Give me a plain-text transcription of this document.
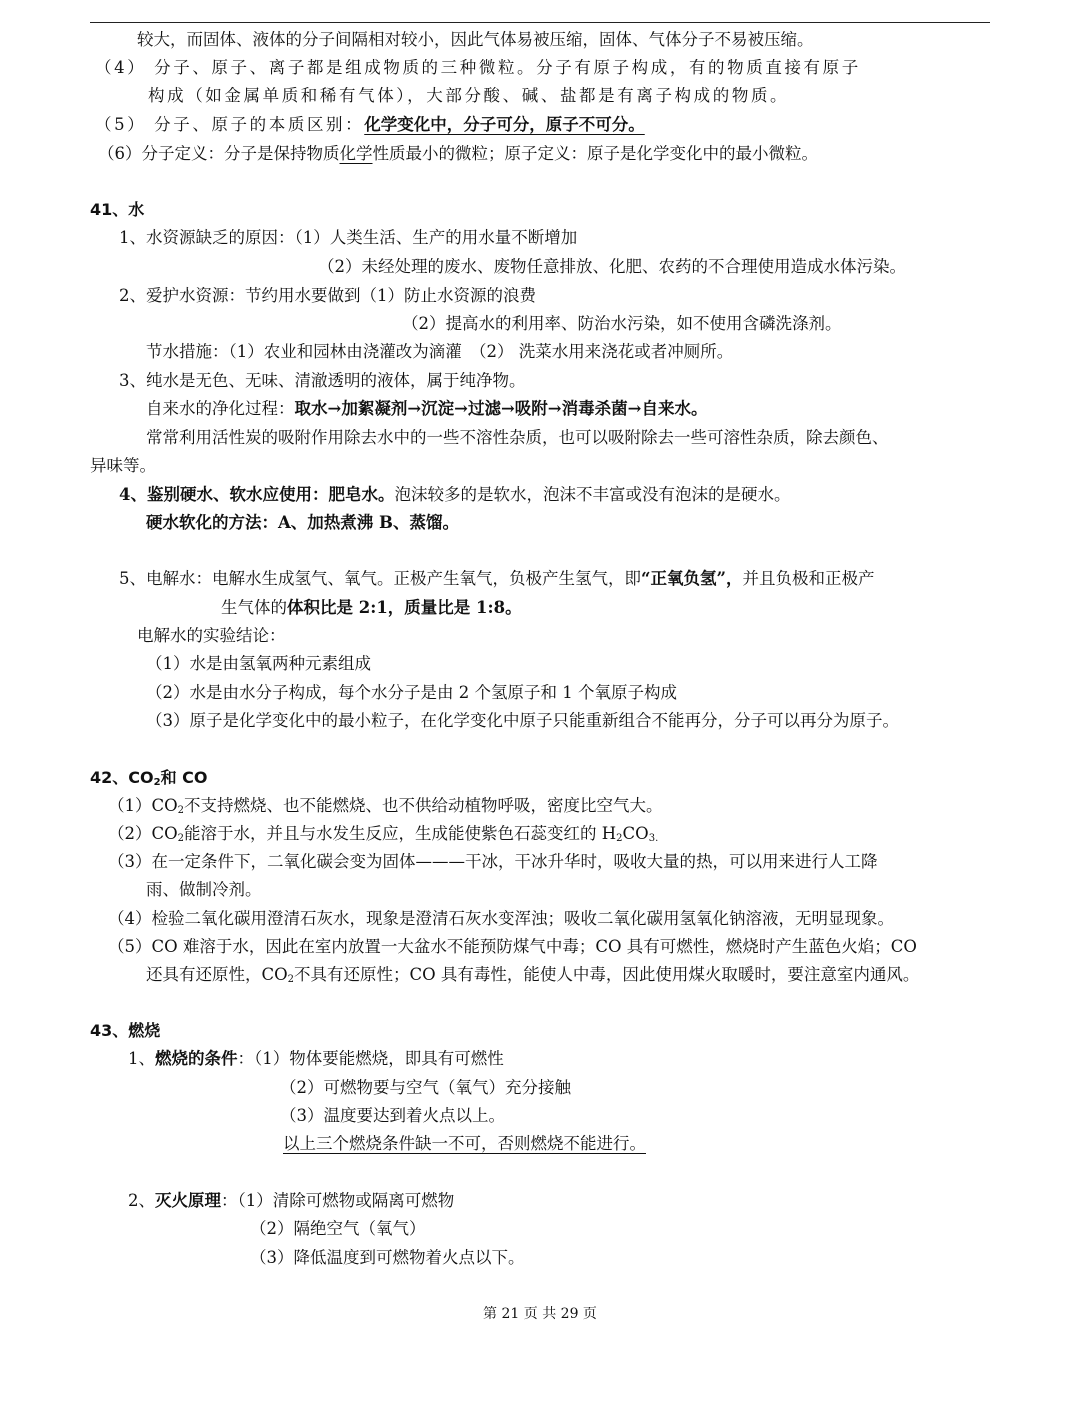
较大，而固体、液体的分子间隔相对较小，因此气体易被压缩，固体、气体分子不易被压缩。
（4） 分子、原子、离子都是组成物质的三种微粒。分子有原子构成，有的物质直接有原子
构成（如金属单质和稀有气体），大部分酸、碱、盐都是有离子构成的物质。
（5） 分子、原子的本质区别：化学变化中，分子可分，原子不可分。
（6）分子定义：分子是保持物质化学性质最小的微粒；原子定义：原子是化学变化中的最小微粒。
41、水
1、水资源缺乏的原因：（1）人类生活、生产的用水量不断增加
（2）未经处理的废水、废物任意排放、化肥、农药的不合理使用造成水体污染。
2、爱护水资源：节约用水要做到（1）防止水资源的浪费
（2）提高水的利用率、防治水污染，如不使用含磷洗涤剂。
节水措施：（1）农业和园林由浇灌改为滴灌　（2） 洗菜水用来浇花或者冲厕所。
3、纯水是无色、无味、清澈透明的液体，属于纯净物。
自来水的净化过程：取水→加絮凝剂→沉淀→过滤→吸附→消毒杀菌→自来水。
常常利用活性炭的吸附作用除去水中的一些不溶性杂质，也可以吸附除去一些可溶性杂质，除去颜色、
异味等。
4、鉴别硬水、软水应使用：肥皂水。泡沫较多的是软水，泡沫不丰富或没有泡沫的是硬水。
硬水软化的方法：A、加热煮沸 B、蒸馏。
5、电解水：电解水生成氢气、氧气。正极产生氧气，负极产生氢气，即“正氧负氢”，并且负极和正极产
生气体的体积比是 2:1，质量比是 1:8。
电解水的实验结论：
（1）水是由氢氧两种元素组成
（2）水是由水分子构成，每个水分子是由 2 个氢原子和 1 个氧原子构成
（3）原子是化学变化中的最小粒子，在化学变化中原子只能重新组合不能再分，分子可以再分为原子。
42、$CO_2$和 CO
$(1)CO_2$不支持燃烧、也不能燃烧、也不供给动植物呼吸，密度比空气大。
$(2)CO_2$能溶于水，并且与水发生反应，生成能使紫色石蕊变红的 $H_2CO_{3.}$
（3）在一定条件下，二氧化碳会变为固体———干冰，干冰升华时，吸收大量的热，可以用来进行人工降
雨、做制冷剂。
（4）检验二氧化碳用澄清石灰水，现象是澄清石灰水变浑浊；吸收二氧化碳用氢氧化钠溶液，无明显现象。
（5）CO 难溶于水，因此在室内放置一大盆水不能预防煤气中毒；CO 具有可燃性，燃烧时产生蓝色火焰；CO
还具有还原性，$CO_2$不具有还原性；CO 具有毒性，能使人中毒，因此使用煤火取暖时，要注意室内通风。
43、燃烧
1、燃烧的条件：（1）物体要能燃烧，即具有可燃性
（2）可燃物要与空气（氧气）充分接触
（3）温度要达到着火点以上。
以上三个燃烧条件缺一不可，否则燃烧不能进行。
2、灭火原理：（1）清除可燃物或隔离可燃物
（2）隔绝空气（氧气）
（3）降低温度到可燃物着火点以下。
第 21 页 共 29 页
